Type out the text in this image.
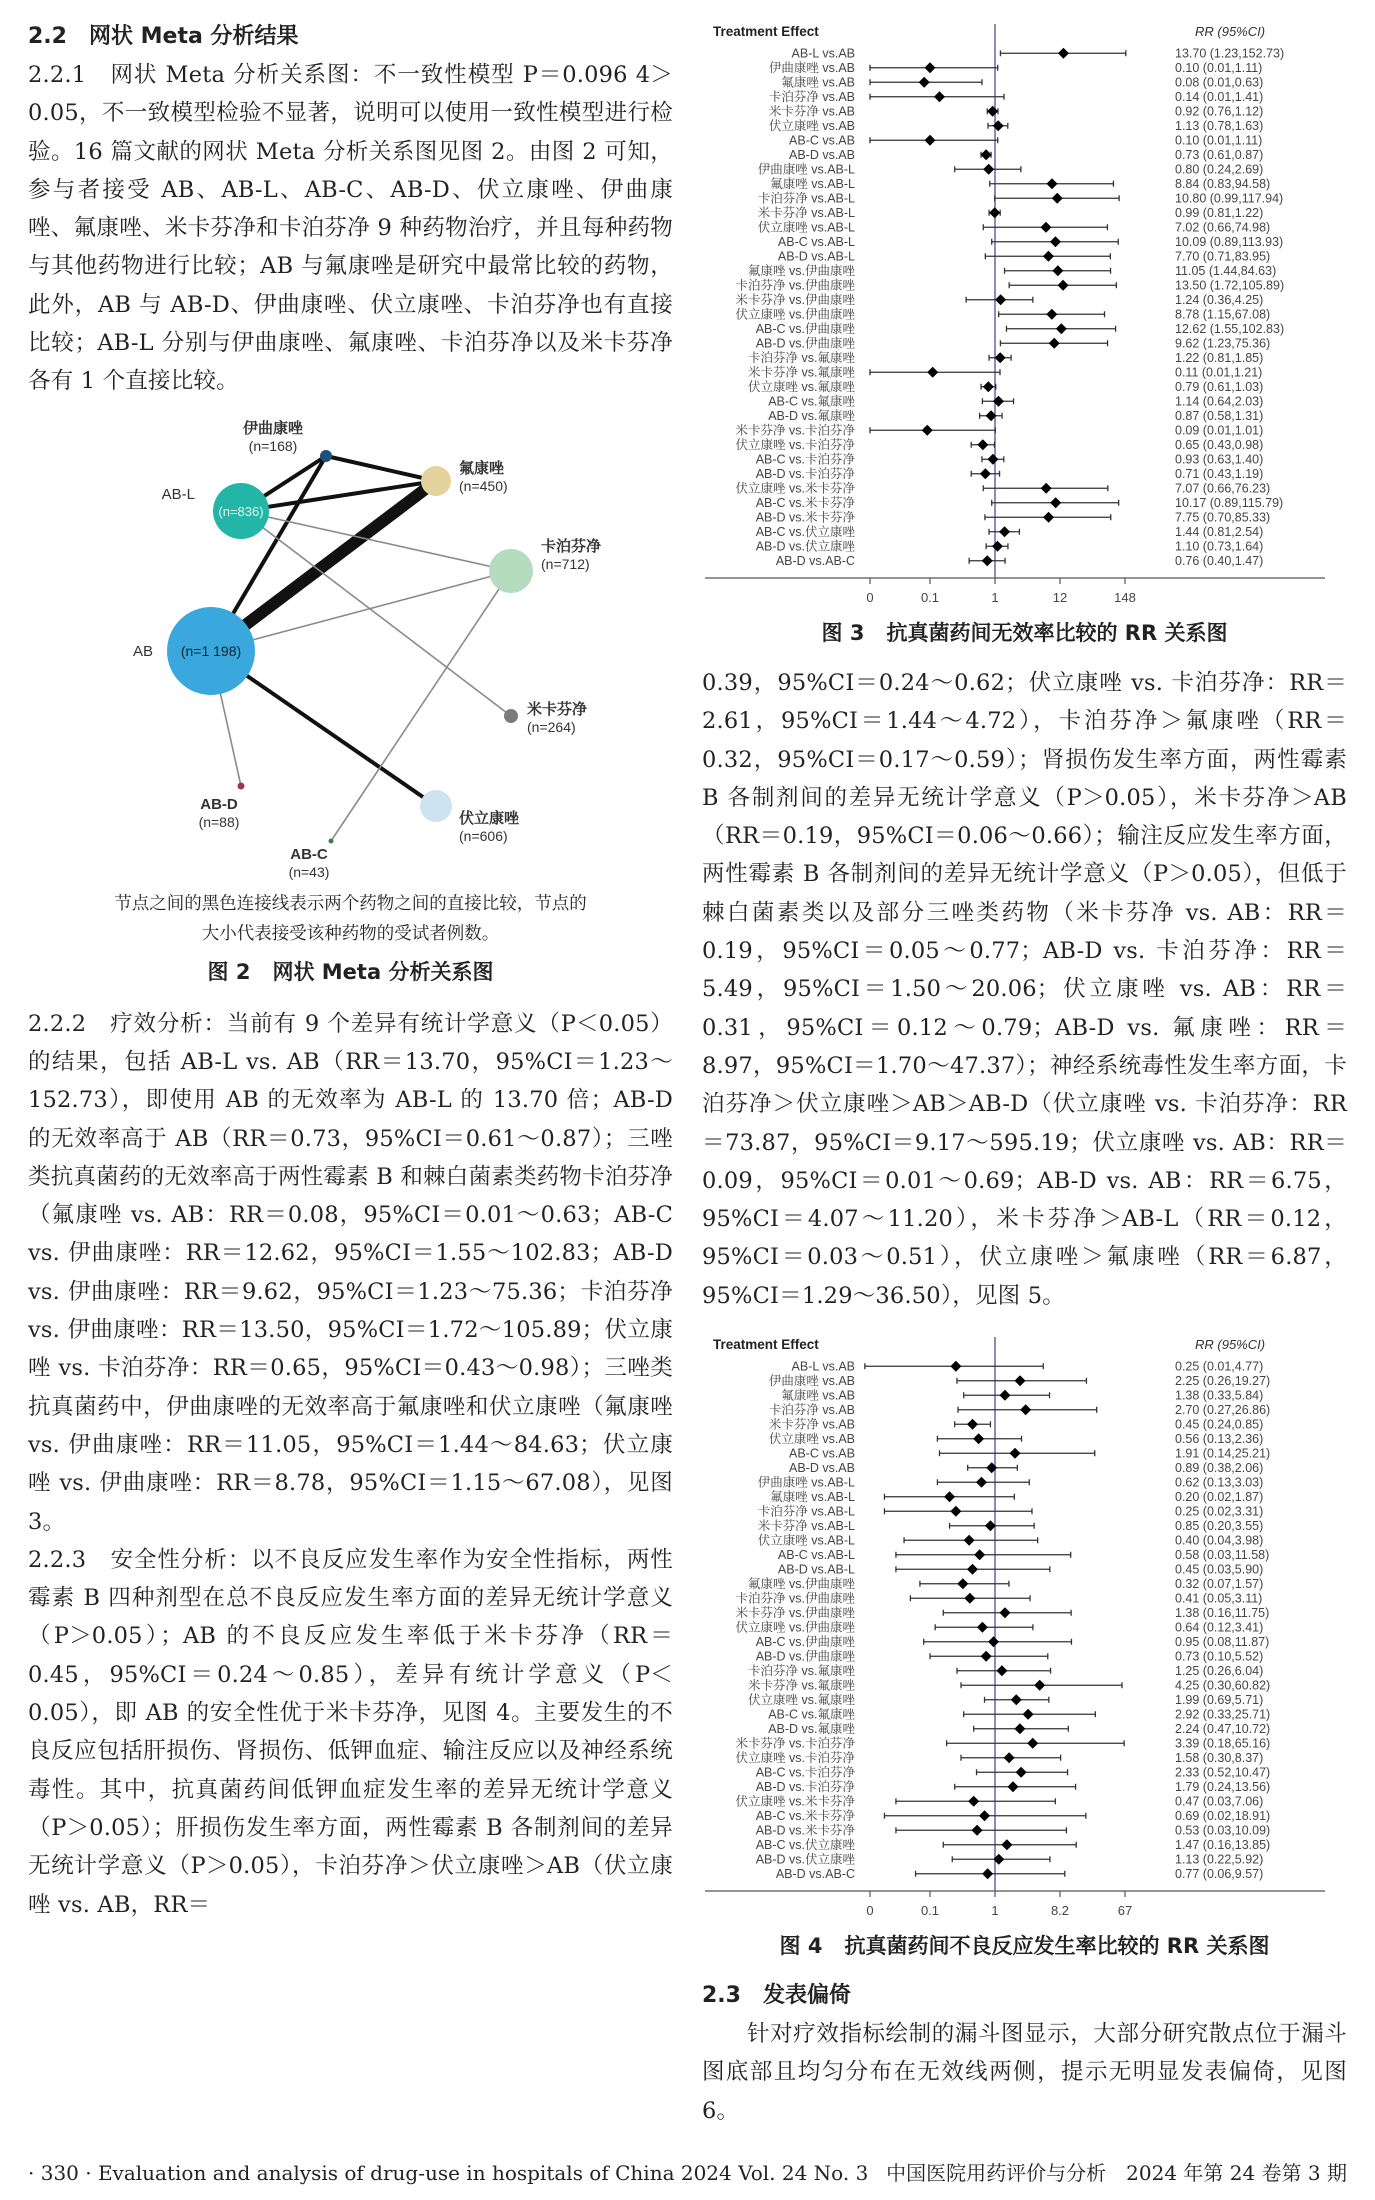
2.2 网状 Meta 分析结果

2.2.1　网状 Meta 分析关系图：不一致性模型 P＝0.096 4＞0.05，不一致模型检验不显著，说明可以使用一致性模型进行检验。16 篇文献的网状 Meta 分析关系图见图 2。由图 2 可知，参与者接受 AB、AB-L、AB-C、AB-D、伏立康唑、伊曲康唑、氟康唑、米卡芬净和卡泊芬净 9 种药物治疗，并且每种药物与其他药物进行比较；AB 与氟康唑是研究中最常比较的药物，此外，AB 与 AB-D、伊曲康唑、伏立康唑、卡泊芬净也有直接比较；AB-L 分别与伊曲康唑、氟康唑、卡泊芬净以及米卡芬净各有 1 个直接比较。

AB (n=1 198)
AB-L
(n=836)
伊曲康唑
(n=168)
氟康唑
(n=450)
卡泊芬净
(n=712)
米卡芬净
(n=264)
伏立康唑
(n=606)
AB-D
(n=88)
AB-C
(n=43)

节点之间的黑色连接线表示两个药物之间的直接比较，节点的

大小代表接受该种药物的受试者例数。

图 2 网状 Meta 分析关系图

2.2.2　疗效分析：当前有 9 个差异有统计学意义（P＜0.05）的结果，包括 AB-L vs. AB（RR＝13.70，95%CI＝1.23～152.73），即使用 AB 的无效率为 AB-L 的 13.70 倍；AB-D 的无效率高于 AB（RR＝0.73，95%CI＝0.61～0.87）；三唑类抗真菌药的无效率高于两性霉素 B 和棘白菌素类药物卡泊芬净（氟康唑 vs. AB：RR＝0.08，95%CI＝0.01～0.63；AB-C vs. 伊曲康唑：RR＝12.62，95%CI＝1.55～102.83；AB-D vs. 伊曲康唑：RR＝9.62，95%CI＝1.23～75.36；卡泊芬净 vs. 伊曲康唑：RR＝13.50，95%CI＝1.72～105.89；伏立康唑 vs. 卡泊芬净：RR＝0.65，95%CI＝0.43～0.98）；三唑类抗真菌药中，伊曲康唑的无效率高于氟康唑和伏立康唑（氟康唑 vs. 伊曲康唑：RR＝11.05，95%CI＝1.44～84.63；伏立康唑 vs. 伊曲康唑：RR＝8.78，95%CI＝1.15～67.08），见图 3。

2.2.3　安全性分析：以不良反应发生率作为安全性指标，两性霉素 B 四种剂型在总不良反应发生率方面的差异无统计学意义（P＞0.05）；AB 的不良反应发生率低于米卡芬净（RR＝0.45，95%CI＝0.24～0.85），差异有统计学意义（P＜0.05），即 AB 的安全性优于米卡芬净，见图 4。主要发生的不良反应包括肝损伤、肾损伤、低钾血症、输注反应以及神经系统毒性。其中，抗真菌药间低钾血症发生率的差异无统计学意义（P＞0.05）；肝损伤发生率方面，两性霉素 B 各制剂间的差异无统计学意义（P＞0.05），卡泊芬净＞伏立康唑＞AB（伏立康唑 vs. AB，RR＝

Treatment Effect	RR (95%CI)
AB-L vs.AB	13.70 (1.23,152.73)
伊曲康唑 vs.AB	0.10 (0.01,1.11)
氟康唑 vs.AB	0.08 (0.01,0.63)
卡泊芬净 vs.AB	0.14 (0.01,1.41)
米卡芬净 vs.AB	0.92 (0.76,1.12)
伏立康唑 vs.AB	1.13 (0.78,1.63)
AB-C vs.AB	0.10 (0.01,1.11)
AB-D vs.AB	0.73 (0.61,0.87)
伊曲康唑 vs.AB-L	0.80 (0.24,2.69)
氟康唑 vs.AB-L	8.84 (0.83,94.58)
卡泊芬净 vs.AB-L	10.80 (0.99,117.94)
米卡芬净 vs.AB-L	0.99 (0.81,1.22)
伏立康唑 vs.AB-L	7.02 (0.66,74.98)
AB-C vs.AB-L	10.09 (0.89,113.93)
AB-D vs.AB-L	7.70 (0.71,83.95)
氟康唑 vs.伊曲康唑	11.05 (1.44,84.63)
卡泊芬净 vs.伊曲康唑	13.50 (1.72,105.89)
米卡芬净 vs.伊曲康唑	1.24 (0.36,4.25)
伏立康唑 vs.伊曲康唑	8.78 (1.15,67.08)
AB-C vs.伊曲康唑	12.62 (1.55,102.83)
AB-D vs.伊曲康唑	9.62 (1.23,75.36)
卡泊芬净 vs.氟康唑	1.22 (0.81,1.85)
米卡芬净 vs.氟康唑	0.11 (0.01,1.21)
伏立康唑 vs.氟康唑	0.79 (0.61,1.03)
AB-C vs.氟康唑	1.14 (0.64,2.03)
AB-D vs.氟康唑	0.87 (0.58,1.31)
米卡芬净 vs.卡泊芬净	0.09 (0.01,1.01)
伏立康唑 vs.卡泊芬净	0.65 (0.43,0.98)
AB-C vs.卡泊芬净	0.93 (0.63,1.40)
AB-D vs.卡泊芬净	0.71 (0.43,1.19)
伏立康唑 vs.米卡芬净	7.07 (0.66,76.23)
AB-C vs.米卡芬净	10.17 (0.89,115.79)
AB-D vs.米卡芬净	7.75 (0.70,85.33)
AB-C vs.伏立康唑	1.44 (0.81,2.54)
AB-D vs.伏立康唑	1.10 (0.73,1.64)
AB-D vs.AB-C	0.76 (0.40,1.47)
0	0.1	1	12	148

图 3 抗真菌药间无效率比较的 RR 关系图

0.39，95%CI＝0.24～0.62；伏立康唑 vs. 卡泊芬净：RR＝2.61，95%CI＝1.44～4.72），卡泊芬净＞氟康唑（RR＝0.32，95%CI＝0.17～0.59）；肾损伤发生率方面，两性霉素 B 各制剂间的差异无统计学意义（P＞0.05），米卡芬净＞AB（RR＝0.19，95%CI＝0.06～0.66）；输注反应发生率方面，两性霉素 B 各制剂间的差异无统计学意义（P＞0.05），但低于棘白菌素类以及部分三唑类药物（米卡芬净 vs. AB：RR＝0.19，95%CI＝0.05～0.77；AB-D vs. 卡泊芬净：RR＝5.49，95%CI＝1.50～20.06；伏立康唑 vs. AB：RR＝0.31，95%CI＝0.12～0.79；AB-D vs. 氟康唑：RR＝8.97，95%CI＝1.70～47.37）；神经系统毒性发生率方面，卡泊芬净＞伏立康唑＞AB＞AB-D（伏立康唑 vs. 卡泊芬净：RR＝73.87，95%CI＝9.17～595.19；伏立康唑 vs. AB：RR＝0.09，95%CI＝0.01～0.69；AB-D vs. AB：RR＝6.75，95%CI＝4.07～11.20），米卡芬净＞AB-L（RR＝0.12，95%CI＝0.03～0.51），伏立康唑＞氟康唑（RR＝6.87，95%CI＝1.29～36.50），见图 5。

Treatment Effect	RR (95%CI)
AB-L vs.AB	0.25 (0.01,4.77)
伊曲康唑 vs.AB	2.25 (0.26,19.27)
氟康唑 vs.AB	1.38 (0.33,5.84)
卡泊芬净 vs.AB	2.70 (0.27,26.86)
米卡芬净 vs.AB	0.45 (0.24,0.85)
伏立康唑 vs.AB	0.56 (0.13,2.36)
AB-C vs.AB	1.91 (0.14,25.21)
AB-D vs.AB	0.89 (0.38,2.06)
伊曲康唑 vs.AB-L	0.62 (0.13,3.03)
氟康唑 vs.AB-L	0.20 (0.02,1.87)
卡泊芬净 vs.AB-L	0.25 (0.02,3.31)
米卡芬净 vs.AB-L	0.85 (0.20,3.55)
伏立康唑 vs.AB-L	0.40 (0.04,3.98)
AB-C vs.AB-L	0.58 (0.03,11.58)
AB-D vs.AB-L	0.45 (0.03,5.90)
氟康唑 vs.伊曲康唑	0.32 (0.07,1.57)
卡泊芬净 vs.伊曲康唑	0.41 (0.05,3.11)
米卡芬净 vs.伊曲康唑	1.38 (0.16,11.75)
伏立康唑 vs.伊曲康唑	0.64 (0.12,3.41)
AB-C vs.伊曲康唑	0.95 (0.08,11.87)
AB-D vs.伊曲康唑	0.73 (0.10,5.52)
卡泊芬净 vs.氟康唑	1.25 (0.26,6.04)
米卡芬净 vs.氟康唑	4.25 (0.30,60.82)
伏立康唑 vs.氟康唑	1.99 (0.69,5.71)
AB-C vs.氟康唑	2.92 (0.33,25.71)
AB-D vs.氟康唑	2.24 (0.47,10.72)
米卡芬净 vs.卡泊芬净	3.39 (0.18,65.16)
伏立康唑 vs.卡泊芬净	1.58 (0.30,8.37)
AB-C vs.卡泊芬净	2.33 (0.52,10.47)
AB-D vs.卡泊芬净	1.79 (0.24,13.56)
伏立康唑 vs.米卡芬净	0.47 (0.03,7.06)
AB-C vs.米卡芬净	0.69 (0.02,18.91)
AB-D vs.米卡芬净	0.53 (0.03,10.09)
AB-C vs.伏立康唑	1.47 (0.16,13.85)
AB-D vs.伏立康唑	1.13 (0.22,5.92)
AB-D vs.AB-C	0.77 (0.06,9.57)
0	0.1	1	8.2	67

图 4 抗真菌药间不良反应发生率比较的 RR 关系图

2.3 发表偏倚

针对疗效指标绘制的漏斗图显示，大部分研究散点位于漏斗图底部且均匀分布在无效线两侧，提示无明显发表偏倚，见图 6。

· 330 · Evaluation and analysis of drug-use in hospitals of China 2024 Vol. 24 No. 3 中国医院用药评价与分析　2024 年第 24 卷第 3 期
